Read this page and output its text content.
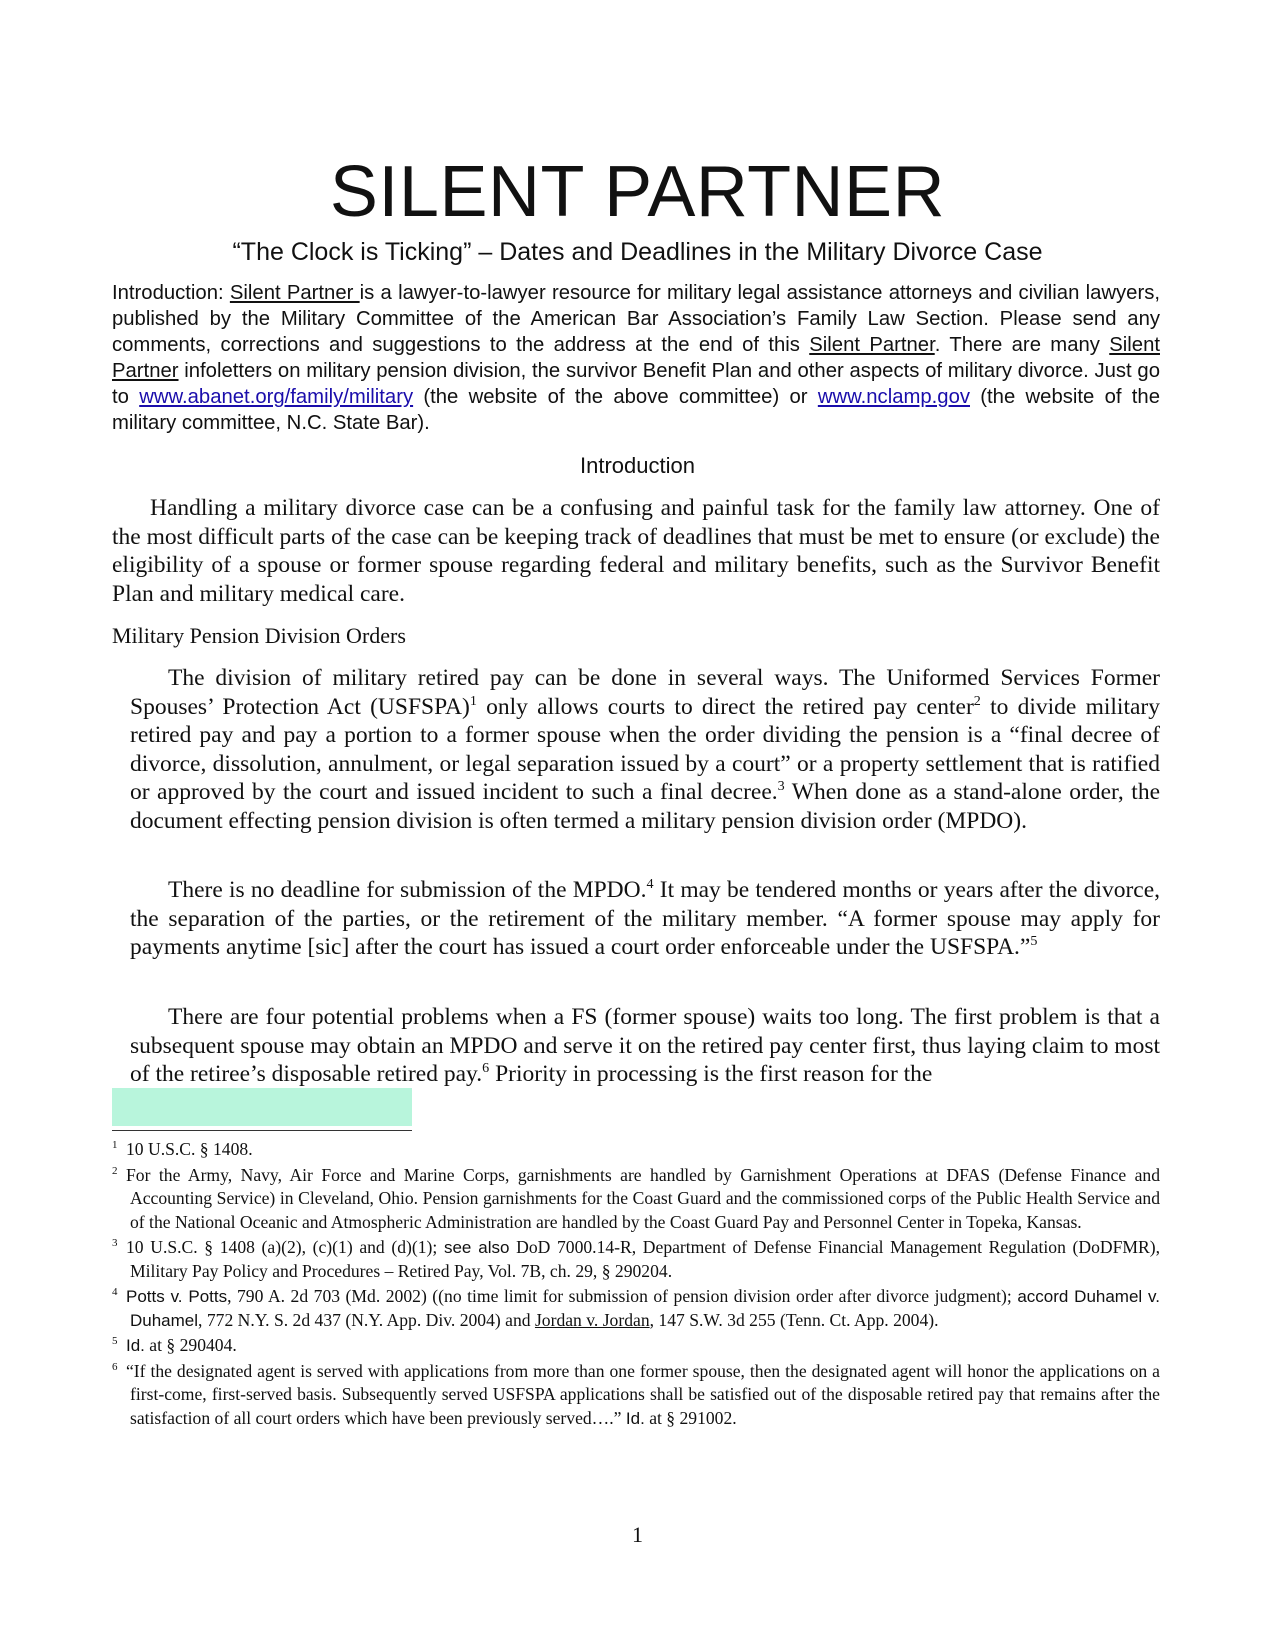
SILENT PARTNER
“The Clock is Ticking” – Dates and Deadlines in the Military Divorce Case
Introduction: Silent Partner is a lawyer-to-lawyer resource for military legal assistance attorneys and civilian lawyers, published by the Military Committee of the American Bar Association’s Family Law Section. Please send any comments, corrections and suggestions to the address at the end of this Silent Partner. There are many Silent Partner infoletters on military pension division, the survivor Benefit Plan and other aspects of military divorce. Just go to www.abanet.org/family/military (the website of the above committee) or www.nclamp.gov (the website of the military committee, N.C. State Bar).
Introduction

Handling a military divorce case can be a confusing and painful task for the family law attorney. One of the most difficult parts of the case can be keeping track of deadlines that must be met to ensure (or exclude) the eligibility of a spouse or former spouse regarding federal and military benefits, such as the Survivor Benefit Plan and military medical care.

Military Pension Division Orders

The division of military retired pay can be done in several ways. The Uniformed Services Former Spouses’ Protection Act (USFSPA)$^1$ only allows courts to direct the retired pay center$^2$ to divide military retired pay and pay a portion to a former spouse when the order dividing the pension is a “final decree of divorce, dissolution, annulment, or legal separation issued by a court” or a property settlement that is ratified or approved by the court and issued incident to such a final decree.$^3$ When done as a stand-alone order, the document effecting pension division is often termed a military pension division order (MPDO).

There is no deadline for submission of the MPDO.$^4$ It may be tendered months or years after the divorce, the separation of the parties, or the retirement of the military member. “A former spouse may apply for payments anytime [sic] after the court has issued a court order enforceable under the USFSPA.”$^5$

There are four potential problems when a FS (former spouse) waits too long. The first problem is that a subsequent spouse may obtain an MPDO and serve it on the retired pay center first, thus laying claim to most of the retiree’s disposable retired pay.$^6$ Priority in processing is the first reason for the

1 10 U.S.C. § 1408.
2 For the Army, Navy, Air Force and Marine Corps, garnishments are handled by Garnishment Operations at DFAS (Defense Finance and Accounting Service) in Cleveland, Ohio. Pension garnishments for the Coast Guard and the commissioned corps of the Public Health Service and of the National Oceanic and Atmospheric Administration are handled by the Coast Guard Pay and Personnel Center in Topeka, Kansas.
3 10 U.S.C. § 1408 (a)(2), (c)(1) and (d)(1); see also DoD 7000.14-R, Department of Defense Financial Management Regulation (DoDFMR), Military Pay Policy and Procedures – Retired Pay, Vol. 7B, ch. 29, § 290204.
4 Potts v. Potts, 790 A. 2d 703 (Md. 2002) ((no time limit for submission of pension division order after divorce judgment); accord Duhamel v. Duhamel, 772 N.Y. S. 2d 437 (N.Y. App. Div. 2004) and Jordan v. Jordan, 147 S.W. 3d 255 (Tenn. Ct. App. 2004).
5 Id. at § 290404.
6 “If the designated agent is served with applications from more than one former spouse, then the designated agent will honor the applications on a first-come, first-served basis. Subsequently served USFSPA applications shall be satisfied out of the disposable retired pay that remains after the satisfaction of all court orders which have been previously served….” Id. at § 291002.
1
